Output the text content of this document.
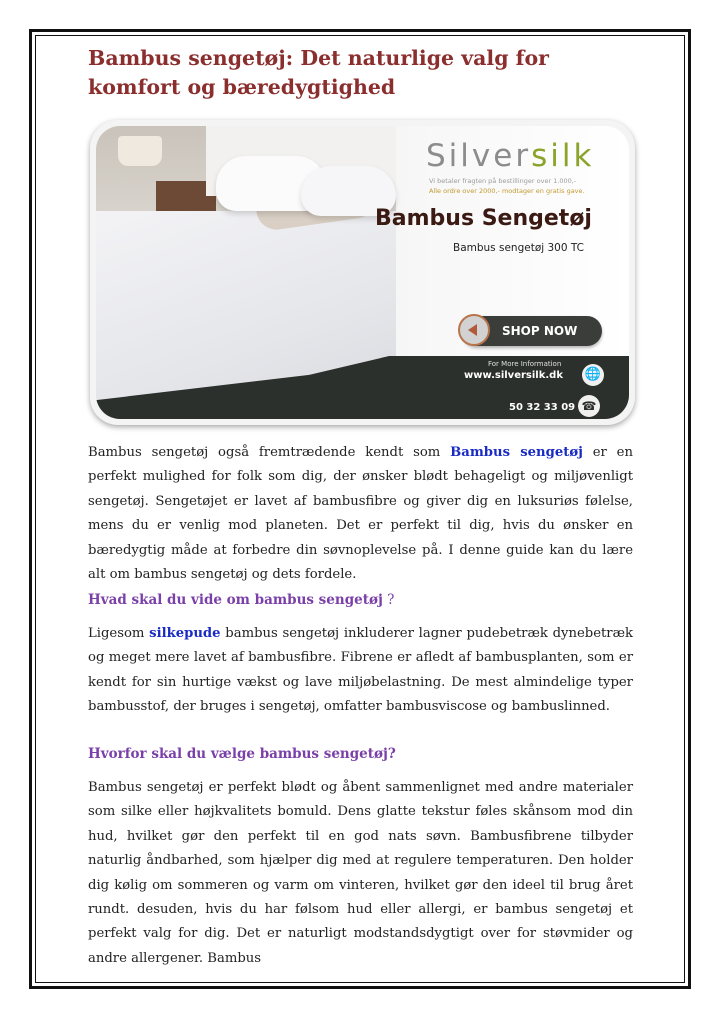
Bambus sengetøj: Det naturlige valg for komfort og bæredygtighed
Silversilk
Vi betaler fragten på bestillinger over 1.000,-
Alle ordre over 2000,- modtager en gratis gave.
Bambus Sengetøj
Bambus sengetøj 300 TC
SHOP NOW
For More Information
www.silversilk.dk 🌐
50 32 33 09 ☎

Bambus sengetøj også fremtrædende kendt som Bambus sengetøj er en perfekt mulighed for folk som dig, der ønsker blødt behageligt og miljøvenligt sengetøj. Sengetøjet er lavet af bambusfibre og giver dig en luksuriøs følelse, mens du er venlig mod planeten. Det er perfekt til dig, hvis du ønsker en bæredygtig måde at forbedre din søvnoplevelse på. I denne guide kan du lære alt om bambus sengetøj og dets fordele.

Hvad skal du vide om bambus sengetøj ?

Ligesom silkepude bambus sengetøj inkluderer lagner pudebetræk dynebetræk og meget mere lavet af bambusfibre. Fibrene er afledt af bambusplanten, som er kendt for sin hurtige vækst og lave miljøbelastning. De mest almindelige typer bambusstof, der bruges i sengetøj, omfatter bambusviscose og bambuslinned.

Hvorfor skal du vælge bambus sengetøj?

Bambus sengetøj er perfekt blødt og åbent sammenlignet med andre materialer som silke eller højkvalitets bomuld. Dens glatte tekstur føles skånsom mod din hud, hvilket gør den perfekt til en god nats søvn. Bambusfibrene tilbyder naturlig åndbarhed, som hjælper dig med at regulere temperaturen. Den holder dig kølig om sommeren og varm om vinteren, hvilket gør den ideel til brug året rundt. desuden, hvis du har følsom hud eller allergi, er bambus sengetøj et perfekt valg for dig. Det er naturligt modstandsdygtigt over for støvmider og andre allergener. Bambus
